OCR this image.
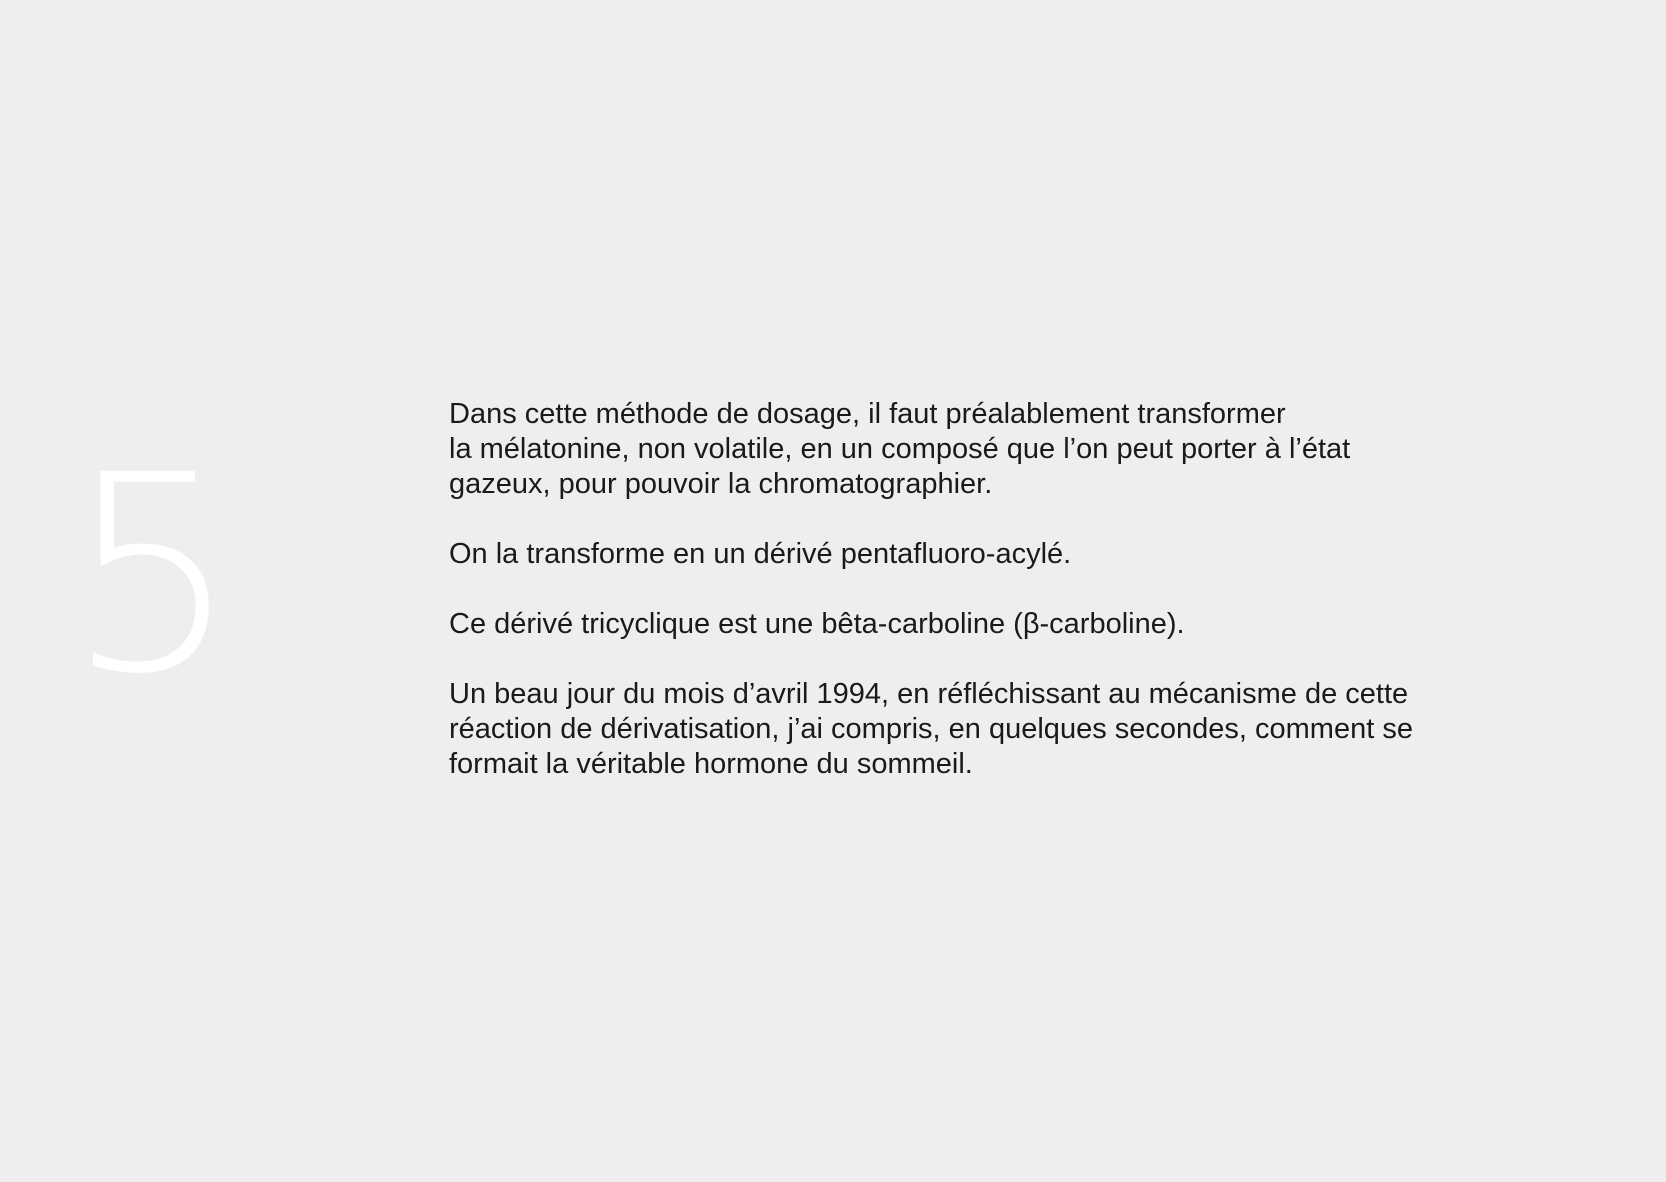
5

Dans cette méthode de dosage, il faut préalablement transformer
la mélatonine, non volatile, en un composé que l’on peut porter à l’état
gazeux, pour pouvoir la chromatographier.

On la transforme en un dérivé pentafluoro-acylé.

Ce dérivé tricyclique est une bêta-carboline (β-carboline).

Un beau jour du mois d’avril 1994, en réfléchissant au mécanisme de cette
réaction de dérivatisation, j’ai compris, en quelques secondes, comment se
formait la véritable hormone du sommeil.
